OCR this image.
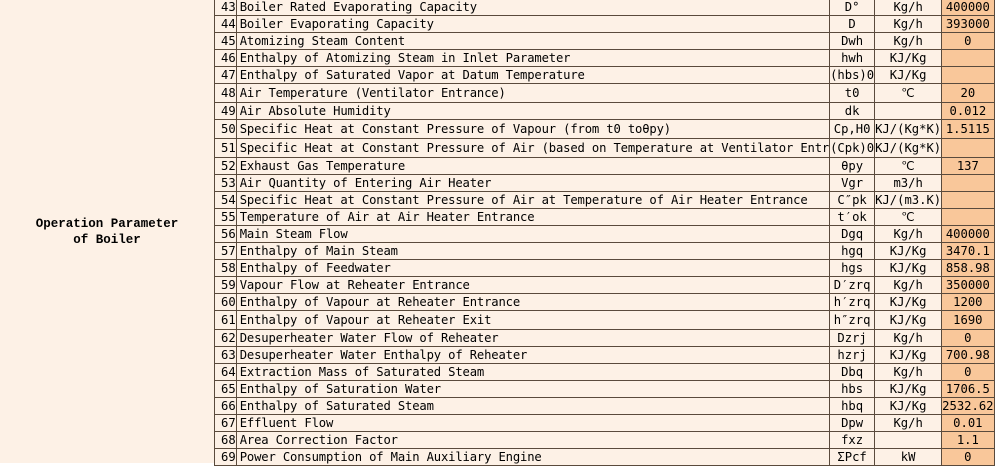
Operation Parameter of Boiler
43	Boiler Rated Evaporating Capacity	D°	Kg/h	400000
44	Boiler Evaporating Capacity	D	Kg/h	393000
45	Atomizing Steam Content	Dwh	Kg/h	0
46	Enthalpy of Atomizing Steam in Inlet Parameter	hwh	KJ/Kg	
47	Enthalpy of Saturated Vapor at Datum Temperature	(hbs)0	KJ/Kg	
48	Air Temperature (Ventilator Entrance)	t0	℃	20
49	Air Absolute Humidity	dk		0.012
50	Specific Heat at Constant Pressure of Vapour (from t0 toθpy)	Cp,H0	KJ/(Kg*K)	1.5115
51	Specific Heat at Constant Pressure of Air (based on Temperature at Ventilator Entr	(Cpk)0	KJ/(Kg*K)	
52	Exhaust Gas Temperature	θpy	℃	137
53	Air Quantity of Entering Air Heater	Vgr	m3/h	
54	Specific Heat at Constant Pressure of Air at Temperature of Air Heater Entrance	C″pk	KJ/(m3.K)	
55	Temperature of Air at Air Heater Entrance	t′ok	℃	
56	Main Steam Flow	Dgq	Kg/h	400000
57	Enthalpy of Main Steam	hgq	KJ/Kg	3470.1
58	Enthalpy of Feedwater	hgs	KJ/Kg	858.98
59	Vapour Flow at Reheater Entrance	D′zrq	Kg/h	350000
60	Enthalpy of Vapour at Reheater Entrance	h′zrq	KJ/Kg	1200
61	Enthalpy of Vapour at Reheater Exit	h″zrq	KJ/Kg	1690
62	Desuperheater Water Flow of Reheater	Dzrj	Kg/h	0
63	Desuperheater Water Enthalpy of Reheater	hzrj	KJ/Kg	700.98
64	Extraction Mass of Saturated Steam	Dbq	Kg/h	0
65	Enthalpy of Saturation Water	hbs	KJ/Kg	1706.5
66	Enthalpy of Saturated Steam	hbq	KJ/Kg	2532.62
67	Effluent Flow	Dpw	Kg/h	0.01
68	Area Correction Factor	fxz		1.1
69	Power Consumption of Main Auxiliary Engine	ΣPcf	kW	0
